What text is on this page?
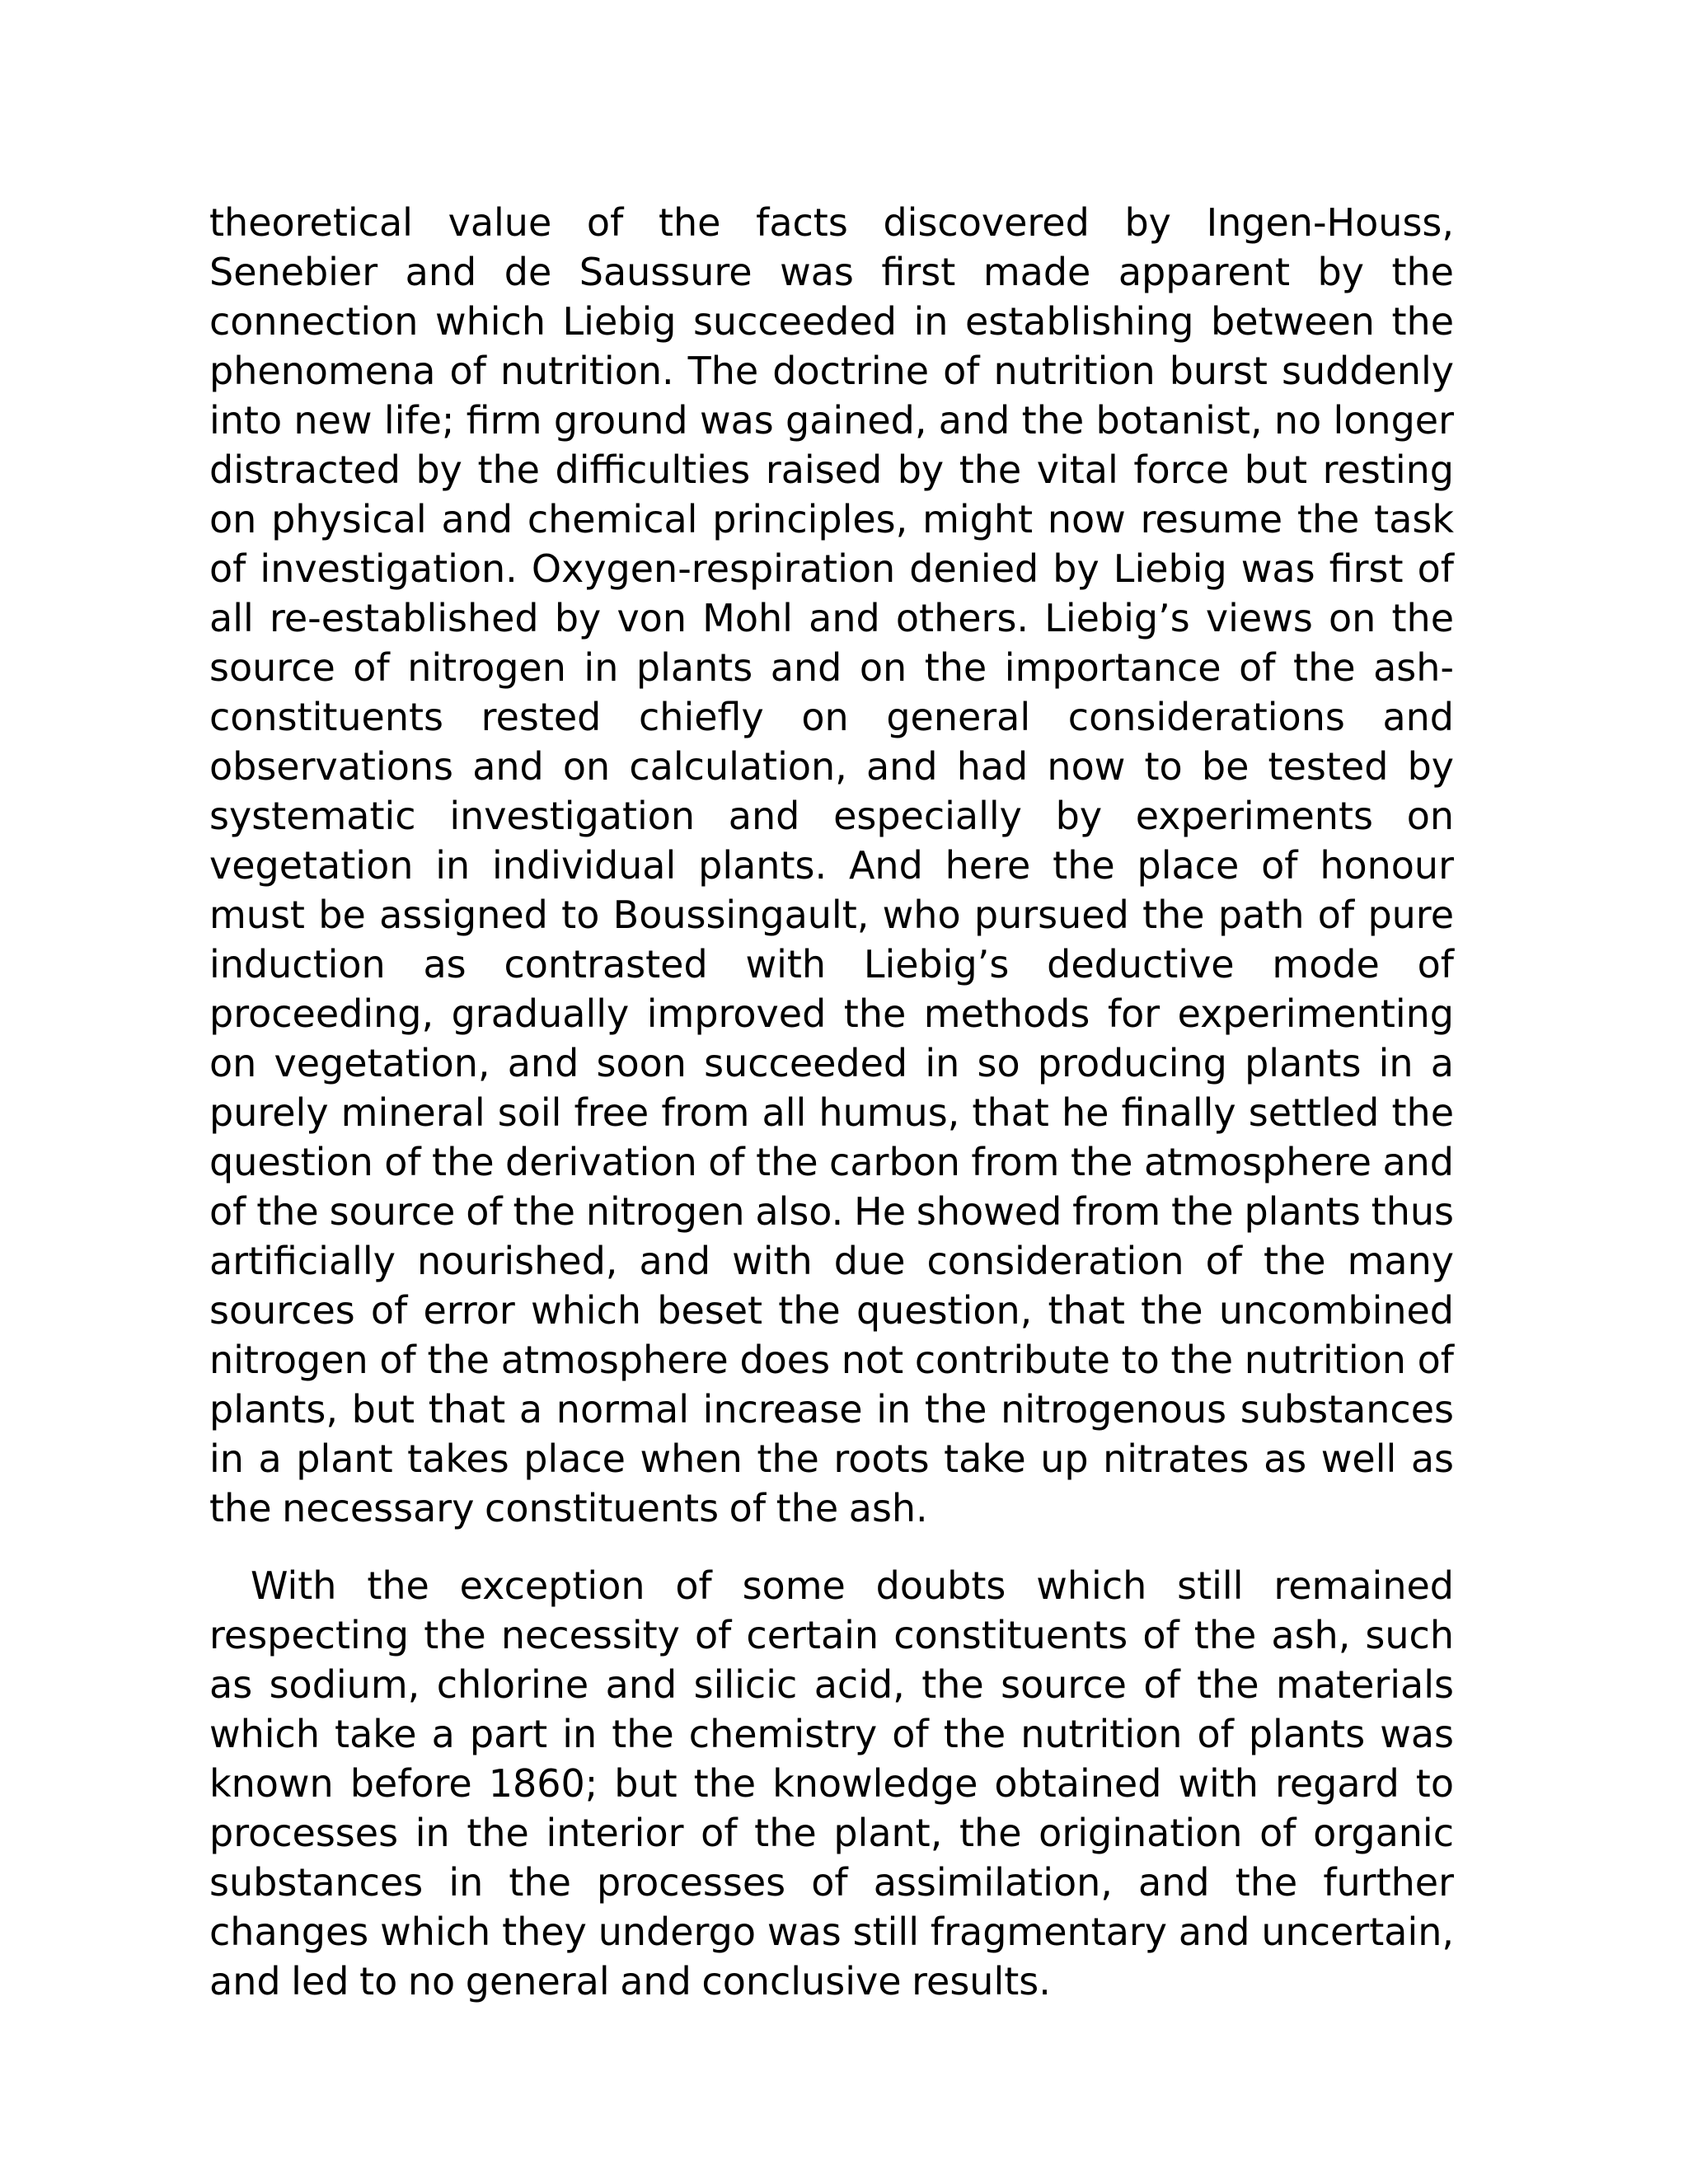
theoretical value of the facts discovered by Ingen-Houss, Senebier and de Saussure was first made apparent by the connection which Liebig succeeded in establishing between the phenomena of nutrition. The doctrine of nutrition burst suddenly into new life; firm ground was gained, and the botanist, no longer distracted by the difficulties raised by the vital force but resting on physical and chemical principles, might now resume the task of investigation. Oxygen-respiration denied by Liebig was first of all re-established by von Mohl and others. Liebig’s views on the source of nitrogen in plants and on the importance of the ash-constituents rested chiefly on general considerations and observations and on calculation, and had now to be tested by systematic investigation and especially by experiments on vegetation in individual plants. And here the place of honour must be assigned to Boussingault, who pursued the path of pure induction as contrasted with Liebig’s deductive mode of proceeding, gradually improved the methods for experimenting on vegetation, and soon succeeded in so producing plants in a purely mineral soil free from all humus, that he finally settled the question of the derivation of the carbon from the atmosphere and of the source of the nitrogen also. He showed from the plants thus artificially nourished, and with due consideration of the many sources of error which beset the question, that the uncombined nitrogen of the atmosphere does not contribute to the nutrition of plants, but that a normal increase in the nitrogenous substances in a plant takes place when the roots take up nitrates as well as the necessary constituents of the ash.

With the exception of some doubts which still remained respecting the necessity of certain constituents of the ash, such as sodium, chlorine and silicic acid, the source of the materials which take a part in the chemistry of the nutrition of plants was known before 1860; but the knowledge obtained with regard to processes in the interior of the plant, the origination of organic substances in the processes of assimilation, and the further changes which they undergo was still fragmentary and uncertain, and led to no general and conclusive results.
